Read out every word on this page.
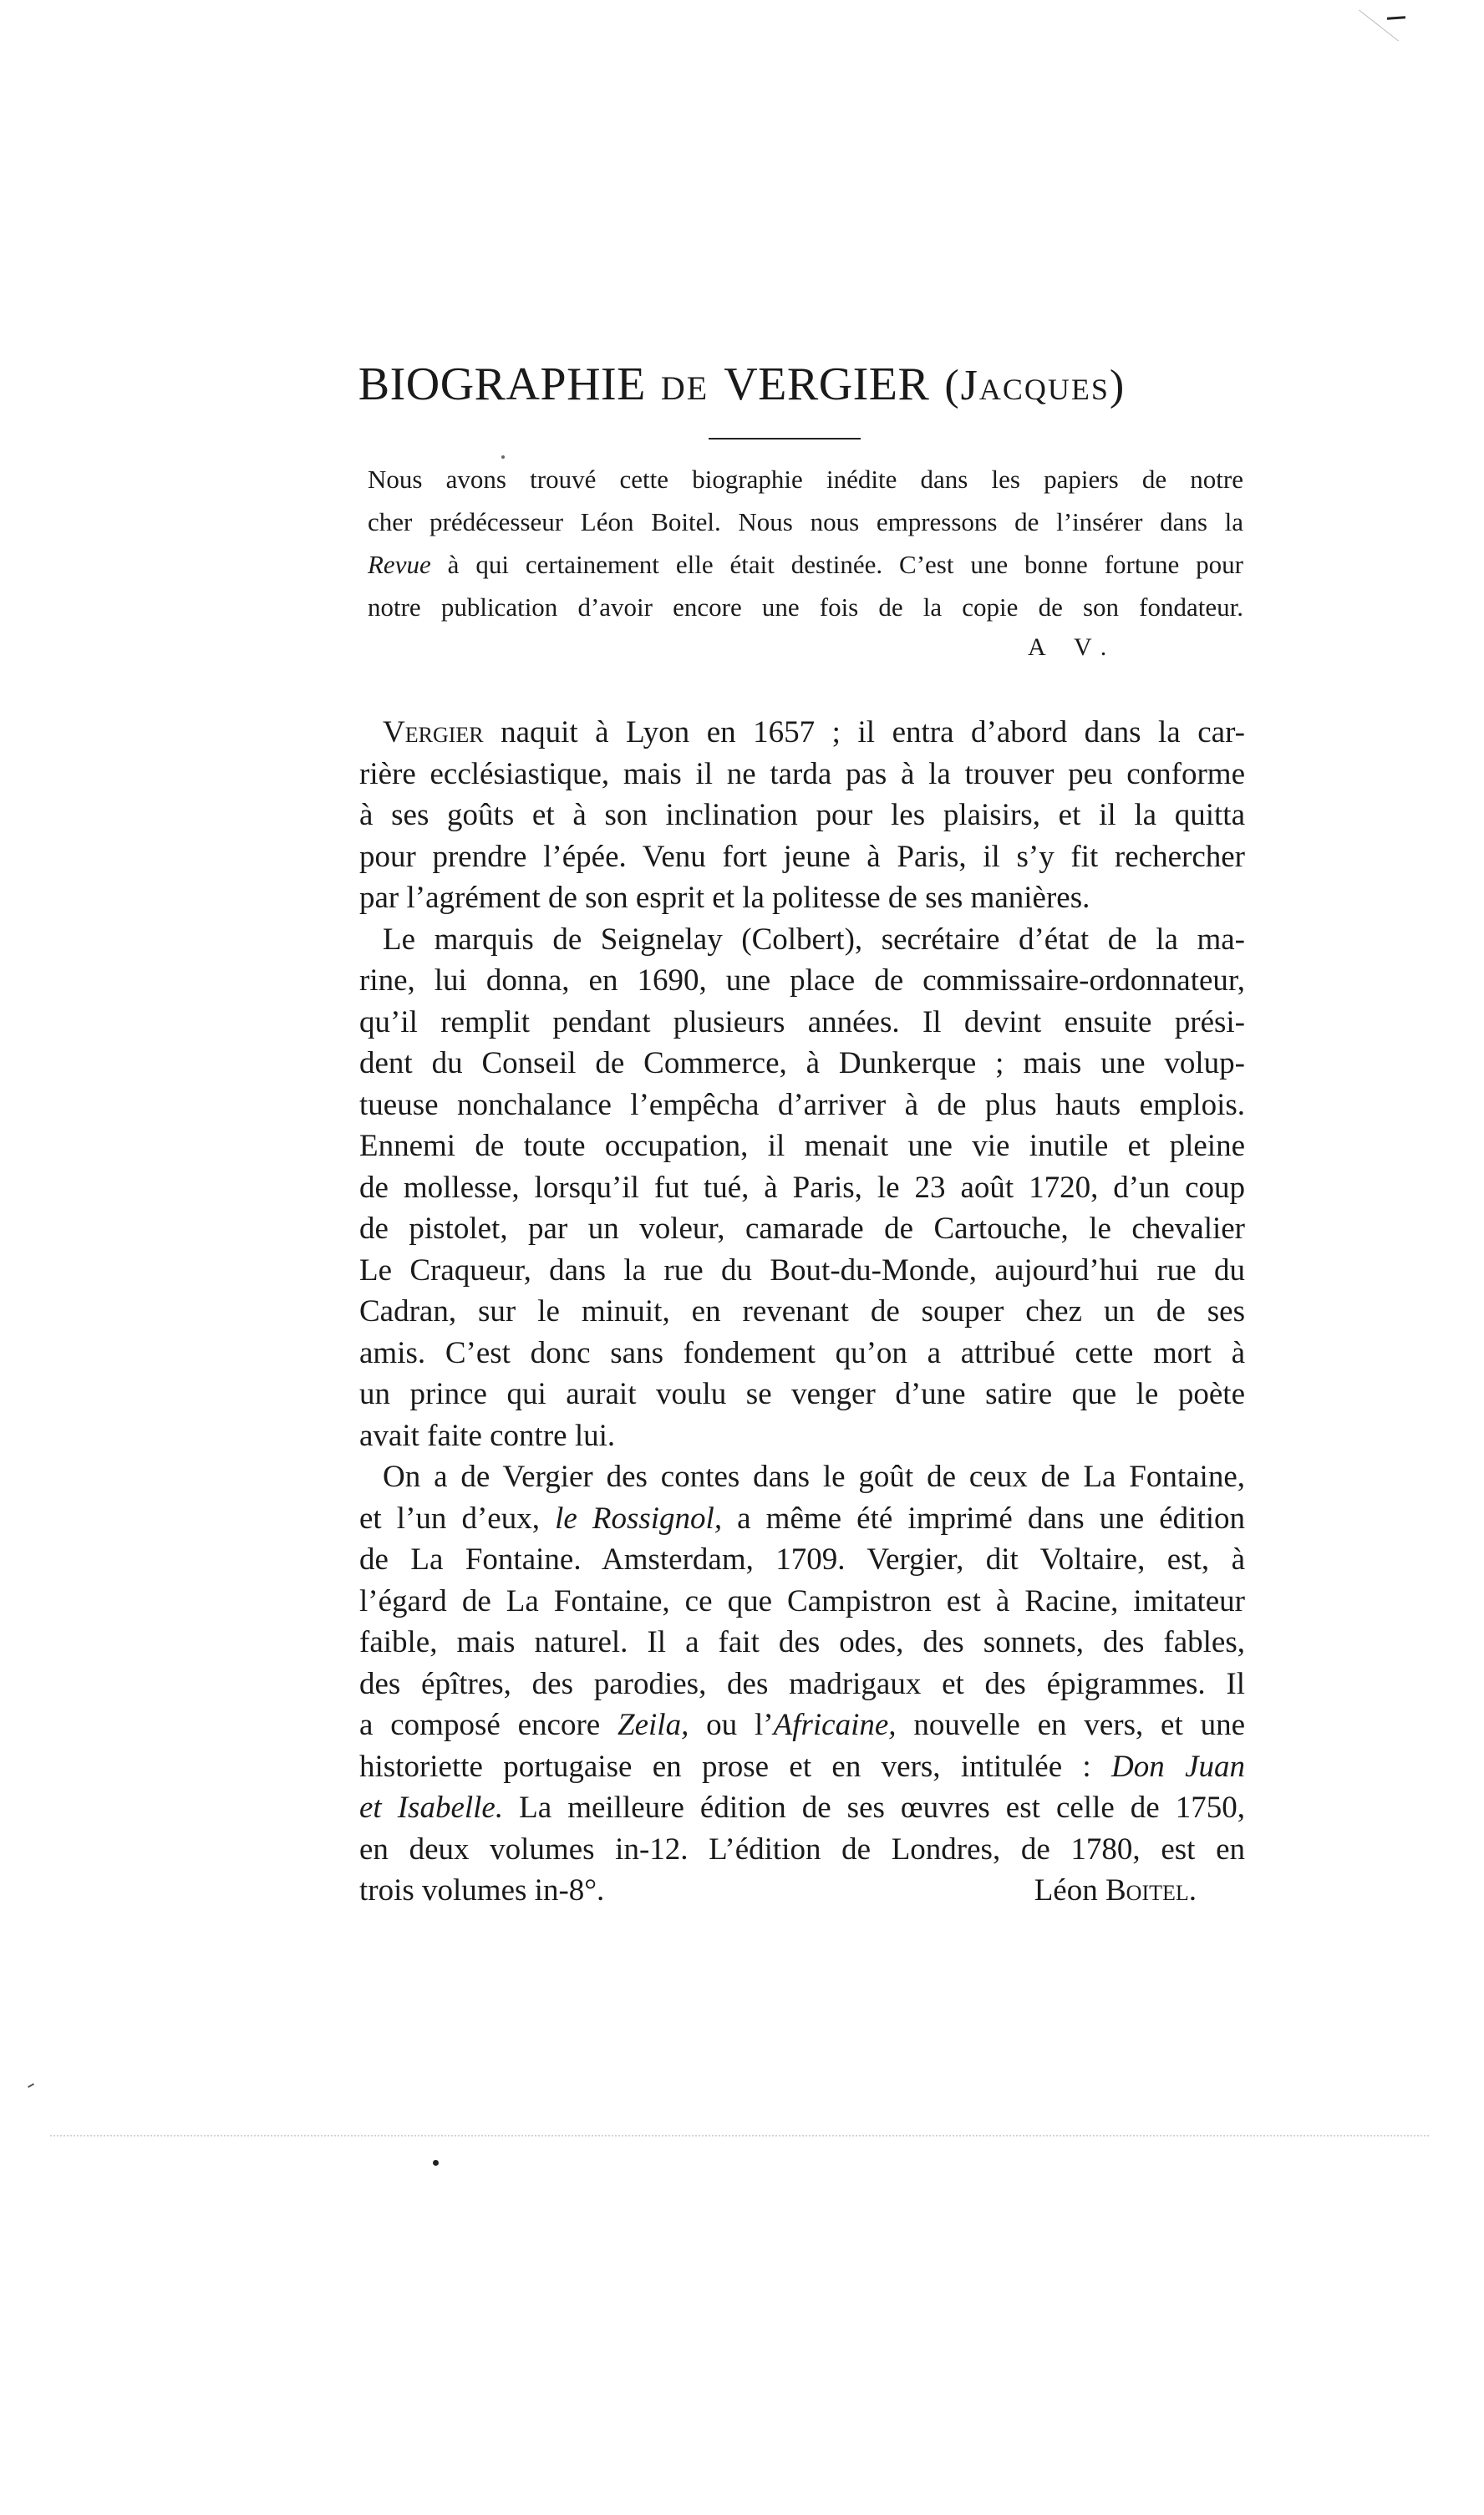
BIOGRAPHIE DE VERGIER (Jacques)
Nous avons trouvé cette biographie inédite dans les papiers de notre
cher prédécesseur Léon Boitel. Nous nous empressons de l’insérer dans la
Revue à qui certainement elle était destinée. C’est une bonne fortune pour
notre publication d’avoir encore une fois de la copie de son fondateur.
A V.
Vergier naquit à Lyon en 1657 ; il entra d’abord dans la car-
rière ecclésiastique, mais il ne tarda pas à la trouver peu conforme
à ses goûts et à son inclination pour les plaisirs, et il la quitta
pour prendre l’épée. Venu fort jeune à Paris, il s’y fit rechercher
par l’agrément de son esprit et la politesse de ses manières.
Le marquis de Seignelay (Colbert), secrétaire d’état de la ma-
rine, lui donna, en 1690, une place de commissaire-ordonnateur,
qu’il remplit pendant plusieurs années. Il devint ensuite prési-
dent du Conseil de Commerce, à Dunkerque ; mais une volup-
tueuse nonchalance l’empêcha d’arriver à de plus hauts emplois.
Ennemi de toute occupation, il menait une vie inutile et pleine
de mollesse, lorsqu’il fut tué, à Paris, le 23 août 1720, d’un coup
de pistolet, par un voleur, camarade de Cartouche, le chevalier
Le Craqueur, dans la rue du Bout-du-Monde, aujourd’hui rue du
Cadran, sur le minuit, en revenant de souper chez un de ses
amis. C’est donc sans fondement qu’on a attribué cette mort à
un prince qui aurait voulu se venger d’une satire que le poète
avait faite contre lui.
On a de Vergier des contes dans le goût de ceux de La Fontaine,
et l’un d’eux, le Rossignol, a même été imprimé dans une édition
de La Fontaine. Amsterdam, 1709. Vergier, dit Voltaire, est, à
l’égard de La Fontaine, ce que Campistron est à Racine, imitateur
faible, mais naturel. Il a fait des odes, des sonnets, des fables,
des épîtres, des parodies, des madrigaux et des épigrammes. Il
a composé encore Zeila, ou l’Africaine, nouvelle en vers, et une
historiette portugaise en prose et en vers, intitulée : Don Juan
et Isabelle. La meilleure édition de ses œuvres est celle de 1750,
en deux volumes in-12. L’édition de Londres, de 1780, est en
trois volumes in-8°.	Léon Boitel.
